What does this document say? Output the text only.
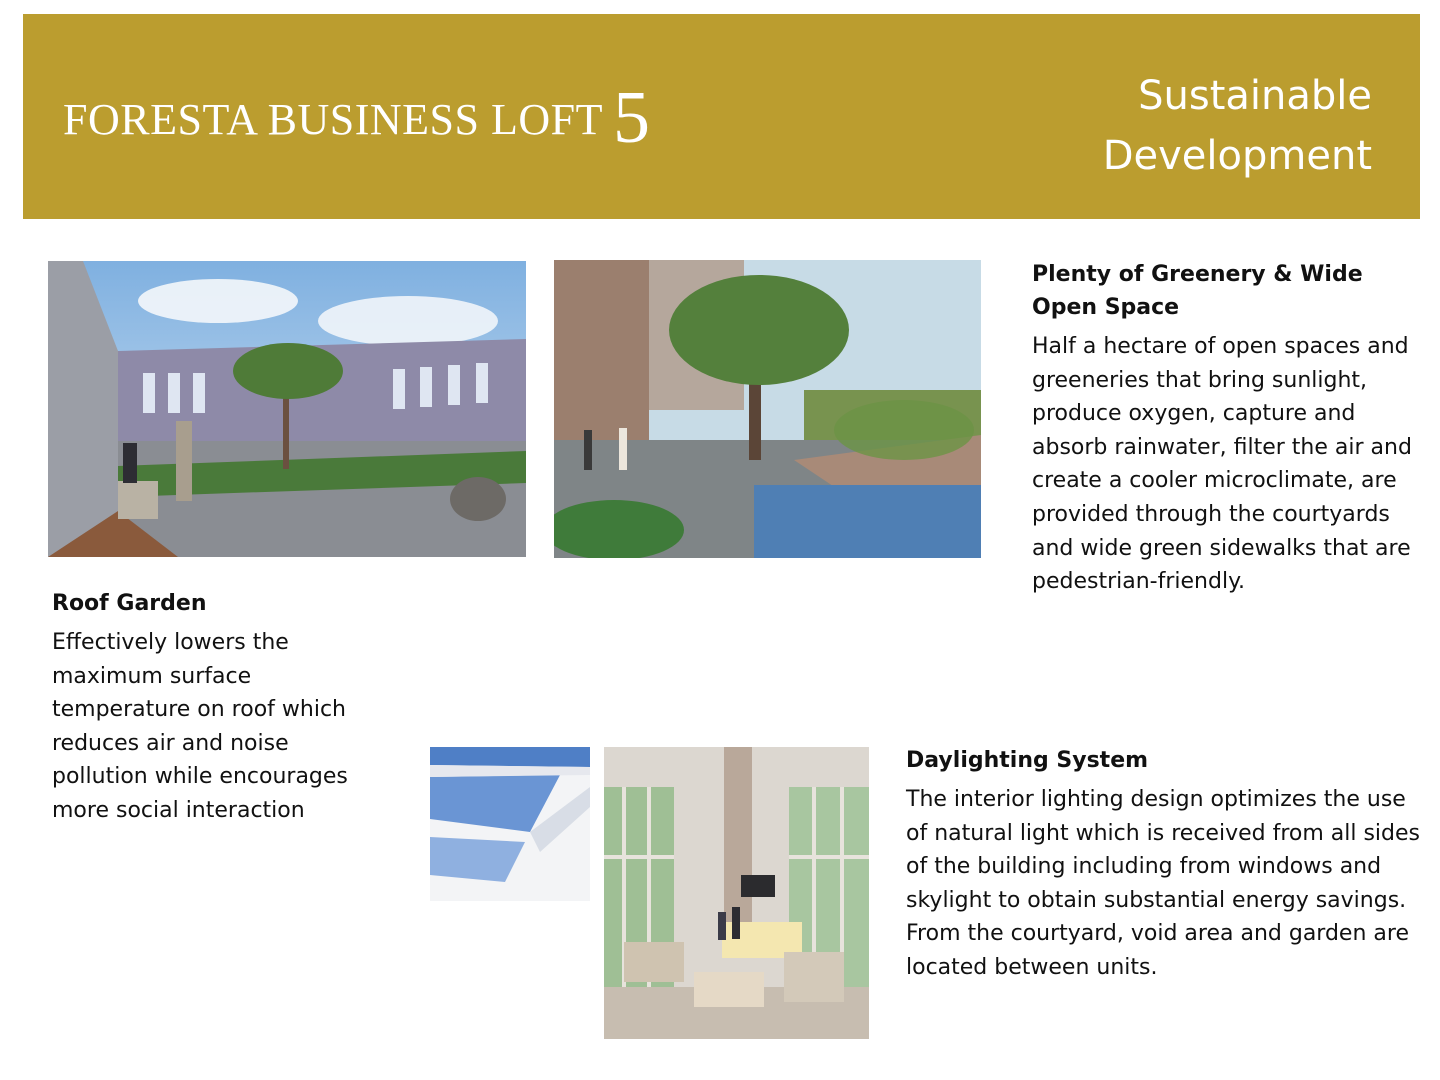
FORESTA BUSINESS LOFT 5	Sustainable
Development

Plenty of Greenery & Wide Open Space

Half a hectare of open spaces and greeneries that bring sunlight, produce oxygen, capture and absorb rainwater, filter the air and create a cooler microclimate, are provided through the courtyards and wide green sidewalks that are pedestrian-friendly.

Roof Garden

Effectively lowers the maximum surface temperature on roof which reduces air and noise pollution while encourages more social interaction

Daylighting System

The interior lighting design optimizes the use of natural light which is received from all sides of the building including from windows and skylight to obtain substantial energy savings. From the courtyard, void area and garden are located between units.
